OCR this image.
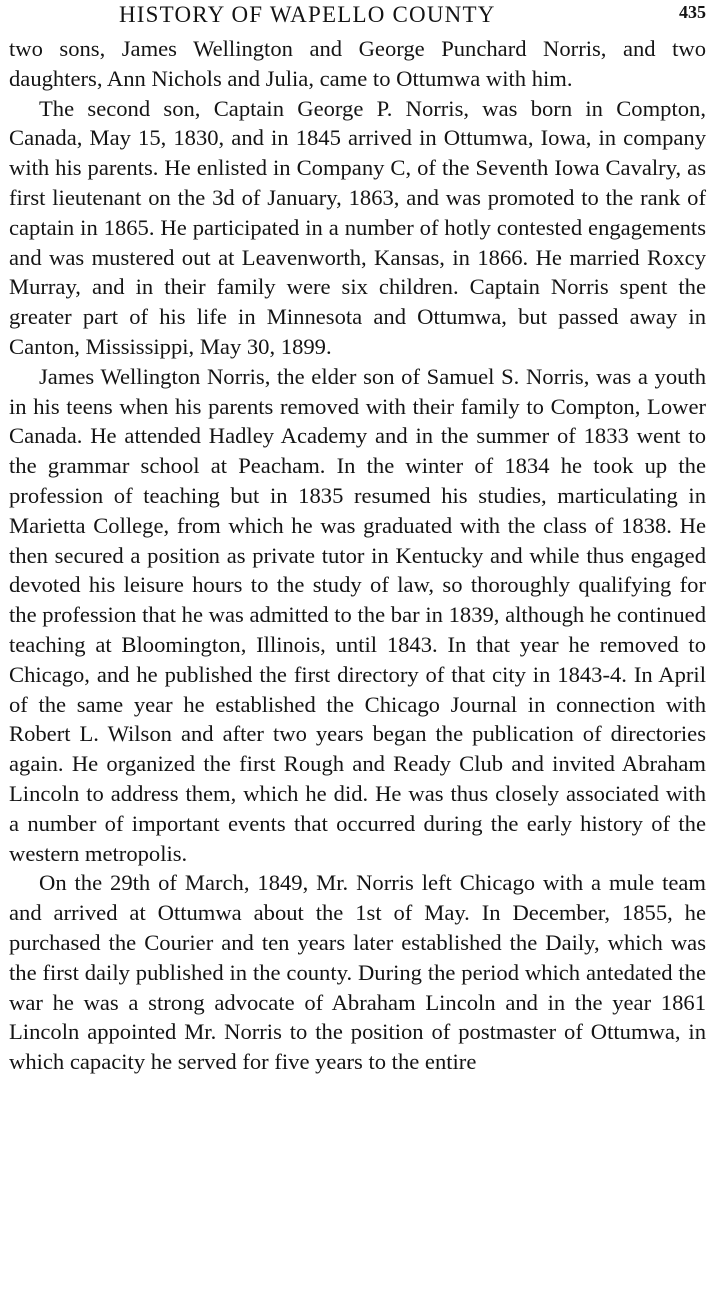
HISTORY OF WAPELLO COUNTY	435

two sons, James Wellington and George Punchard Norris, and two daughters, Ann Nichols and Julia, came to Ottumwa with him.

The second son, Captain George P. Norris, was born in Compton, Canada, May 15, 1830, and in 1845 arrived in Ottumwa, Iowa, in company with his parents. He enlisted in Company C, of the Seventh Iowa Cavalry, as first lieutenant on the 3d of January, 1863, and was promoted to the rank of captain in 1865. He participated in a number of hotly contested engagements and was mustered out at Leavenworth, Kansas, in 1866. He married Roxcy Murray, and in their family were six children. Captain Norris spent the greater part of his life in Minnesota and Ottumwa, but passed away in Canton, Mississippi, May 30, 1899.

James Wellington Norris, the elder son of Samuel S. Norris, was a youth in his teens when his parents removed with their family to Compton, Lower Canada. He attended Hadley Academy and in the summer of 1833 went to the grammar school at Peacham. In the winter of 1834 he took up the profession of teaching but in 1835 resumed his studies, marticulating in Marietta College, from which he was graduated with the class of 1838. He then secured a position as private tutor in Kentucky and while thus engaged devoted his leisure hours to the study of law, so thoroughly qualifying for the profession that he was admitted to the bar in 1839, although he continued teaching at Bloomington, Illinois, until 1843. In that year he removed to Chicago, and he published the first directory of that city in 1843-4. In April of the same year he established the Chicago Journal in connection with Robert L. Wilson and after two years began the publication of directories again. He organized the first Rough and Ready Club and invited Abraham Lincoln to address them, which he did. He was thus closely associated with a number of important events that occurred during the early history of the western metropolis.

On the 29th of March, 1849, Mr. Norris left Chicago with a mule team and arrived at Ottumwa about the 1st of May. In December, 1855, he purchased the Courier and ten years later established the Daily, which was the first daily published in the county. During the period which antedated the war he was a strong advocate of Abraham Lincoln and in the year 1861 Lincoln appointed Mr. Norris to the position of postmaster of Ottumwa, in which capacity he served for five years to the entire
